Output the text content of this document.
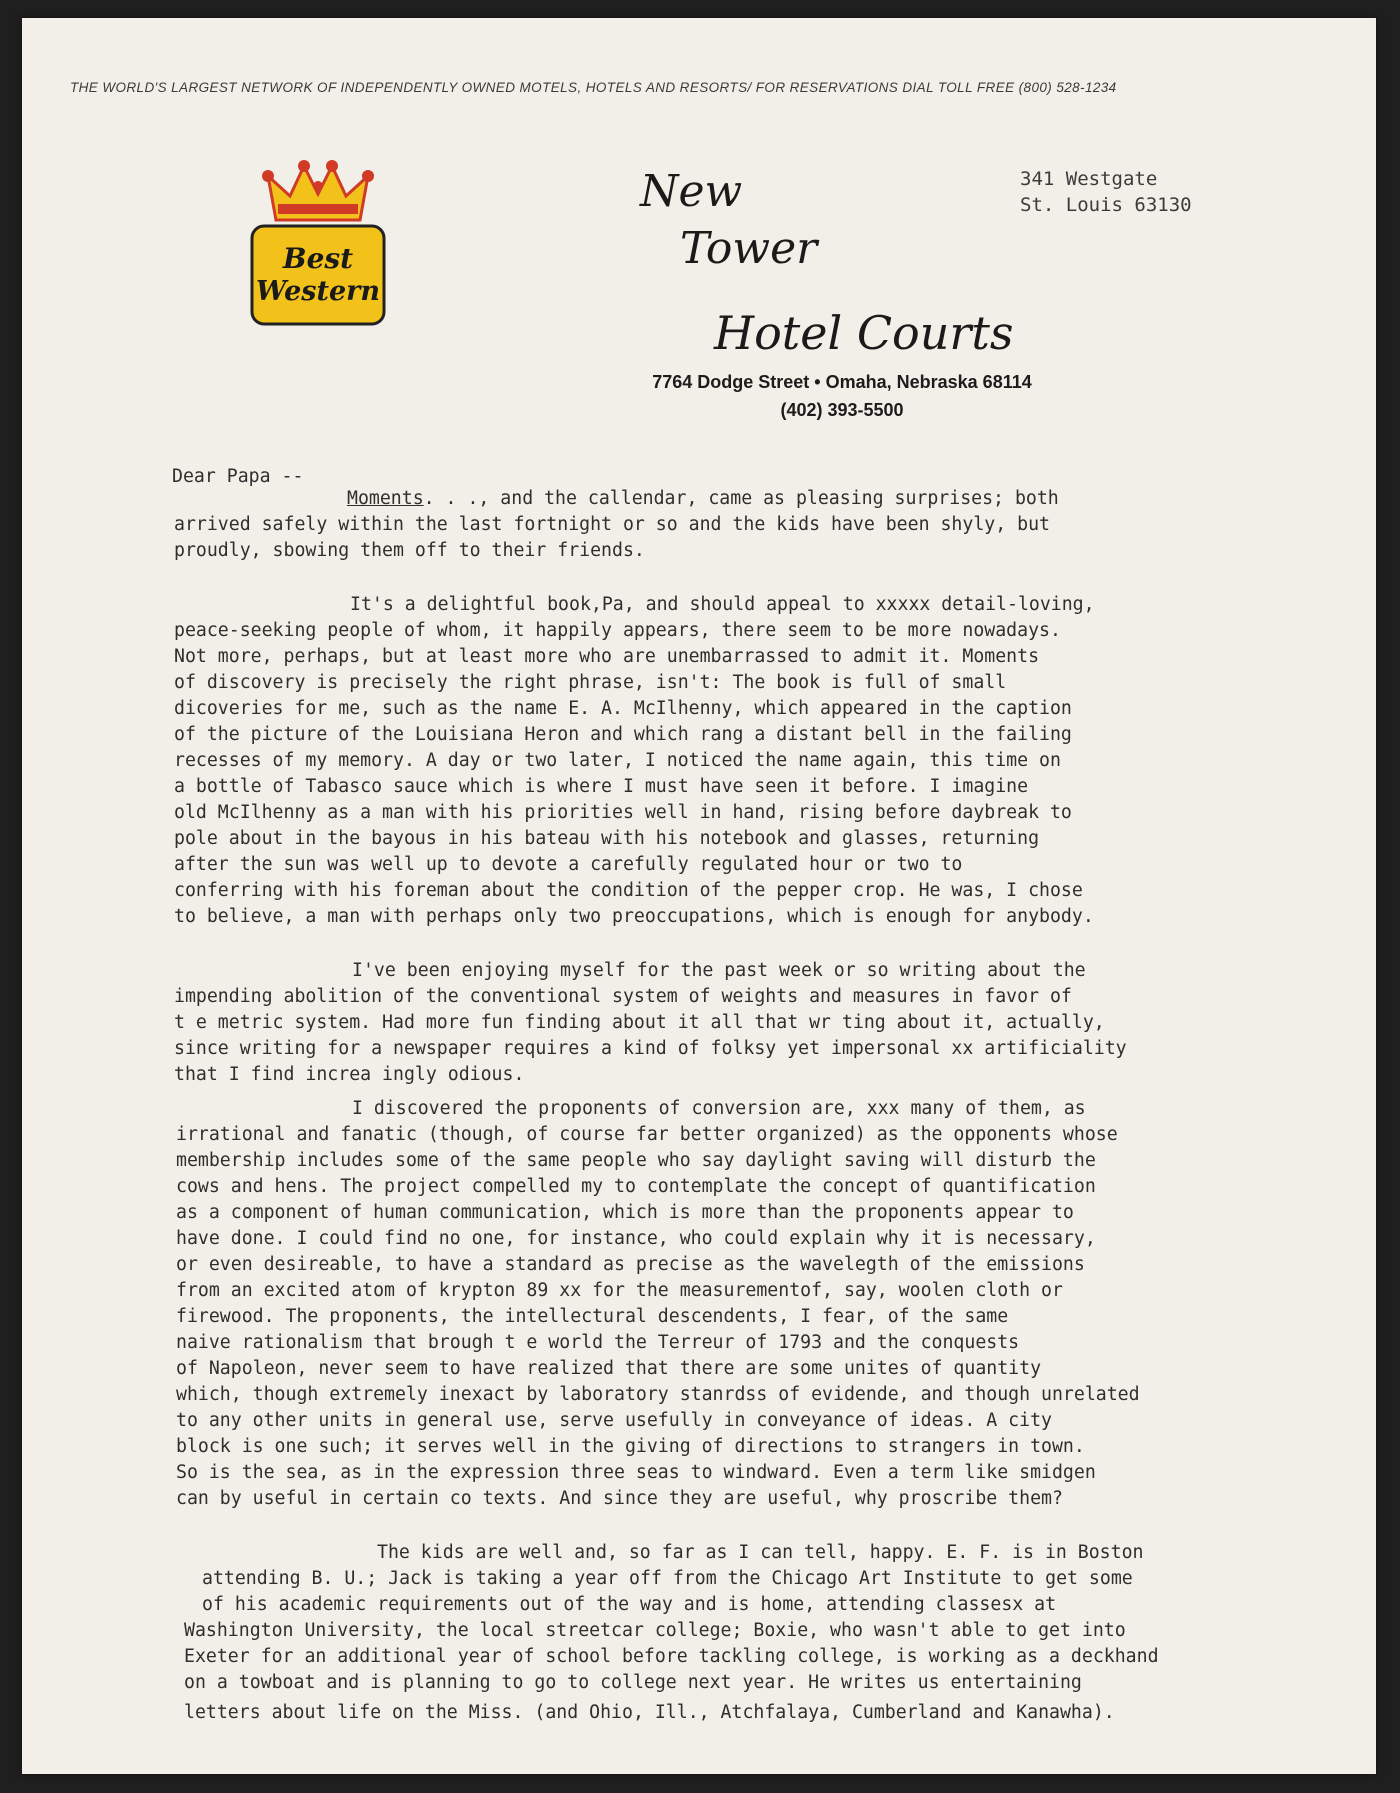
THE WORLD'S LARGEST NETWORK OF INDEPENDENTLY OWNED MOTELS, HOTELS AND RESORTS/ FOR RESERVATIONS DIAL TOLL FREE (800) 528-1234
Best
Western
New
Tower
Hotel Courts
7764 Dodge Street • Omaha, Nebraska 68114
(402) 393-5500
341 Westgate
St. Louis 63130
Dear Papa --
Moments. . ., and the callendar, came as pleasing surprises; both
arrived safely within the last fortnight or so and the kids have been shyly, but
proudly, sbowing them off to their friends.
It's a delightful book,Pa, and should appeal to xxxxx detail-loving,
peace-seeking people of whom, it happily appears, there seem to be more nowadays.
Not more, perhaps, but at least more who are unembarrassed to admit it. Moments
of discovery is precisely the right phrase, isn't: The book is full of small
dicoveries for me, such as the name E. A. McIlhenny, which appeared in the caption
of the picture of the Louisiana Heron and which rang a distant bell in the failing
recesses of my memory. A day or two later, I noticed the name again, this time on
a bottle of Tabasco sauce which is where I must have seen it before. I imagine
old McIlhenny as a man with his priorities well in hand, rising before daybreak to
pole about in the bayous in his bateau with his notebook and glasses, returning
after the sun was well up to devote a carefully regulated hour or two to
conferring with his foreman about the condition of the pepper crop. He was, I chose
to believe, a man with perhaps only two preoccupations, which is enough for anybody.
I've been enjoying myself for the past week or so writing about the
impending abolition of the conventional system of weights and measures in favor of
t e metric system. Had more fun finding about it all that wr ting about it, actually,
since writing for a newspaper requires a kind of folksy yet impersonal xx artificiality
that I find increa ingly odious.
I discovered the proponents of conversion are, xxx many of them, as
irrational and fanatic (though, of course far better organized) as the opponents whose
membership includes some of the same people who say daylight saving will disturb the
cows and hens. The project compelled my to contemplate the concept of quantification
as a component of human communication, which is more than the proponents appear to
have done. I could find no one, for instance, who could explain why it is necessary,
or even desireable, to have a standard as precise as the wavelegth of the emissions
from an excited atom of krypton 89 xx for the measurementof, say, woolen cloth or
firewood. The proponents, the intellectural descendents, I fear, of the same
naive rationalism that brough t e world the Terreur of 1793 and the conquests
of Napoleon, never seem to have realized that there are some unites of quantity
which, though extremely inexact by laboratory stanrdss of evidende, and though unrelated
to any other units in general use, serve usefully in conveyance of ideas. A city
block is one such; it serves well in the giving of directions to strangers in town.
So is the sea, as in the expression three seas to windward. Even a term like smidgen
can by useful in certain co texts. And since they are useful, why proscribe them?
The kids are well and, so far as I can tell, happy. E. F. is in Boston
attending B. U.; Jack is taking a year off from the Chicago Art Institute to get some
of his academic requirements out of the way and is home, attending classesx at
Washington University, the local streetcar college; Boxie, who wasn't able to get into
Exeter for an additional year of school before tackling college, is working as a deckhand
on a towboat and is planning to go to college next year. He writes us entertaining
letters about life on the Miss. (and Ohio, Ill., Atchfalaya, Cumberland and Kanawha).
